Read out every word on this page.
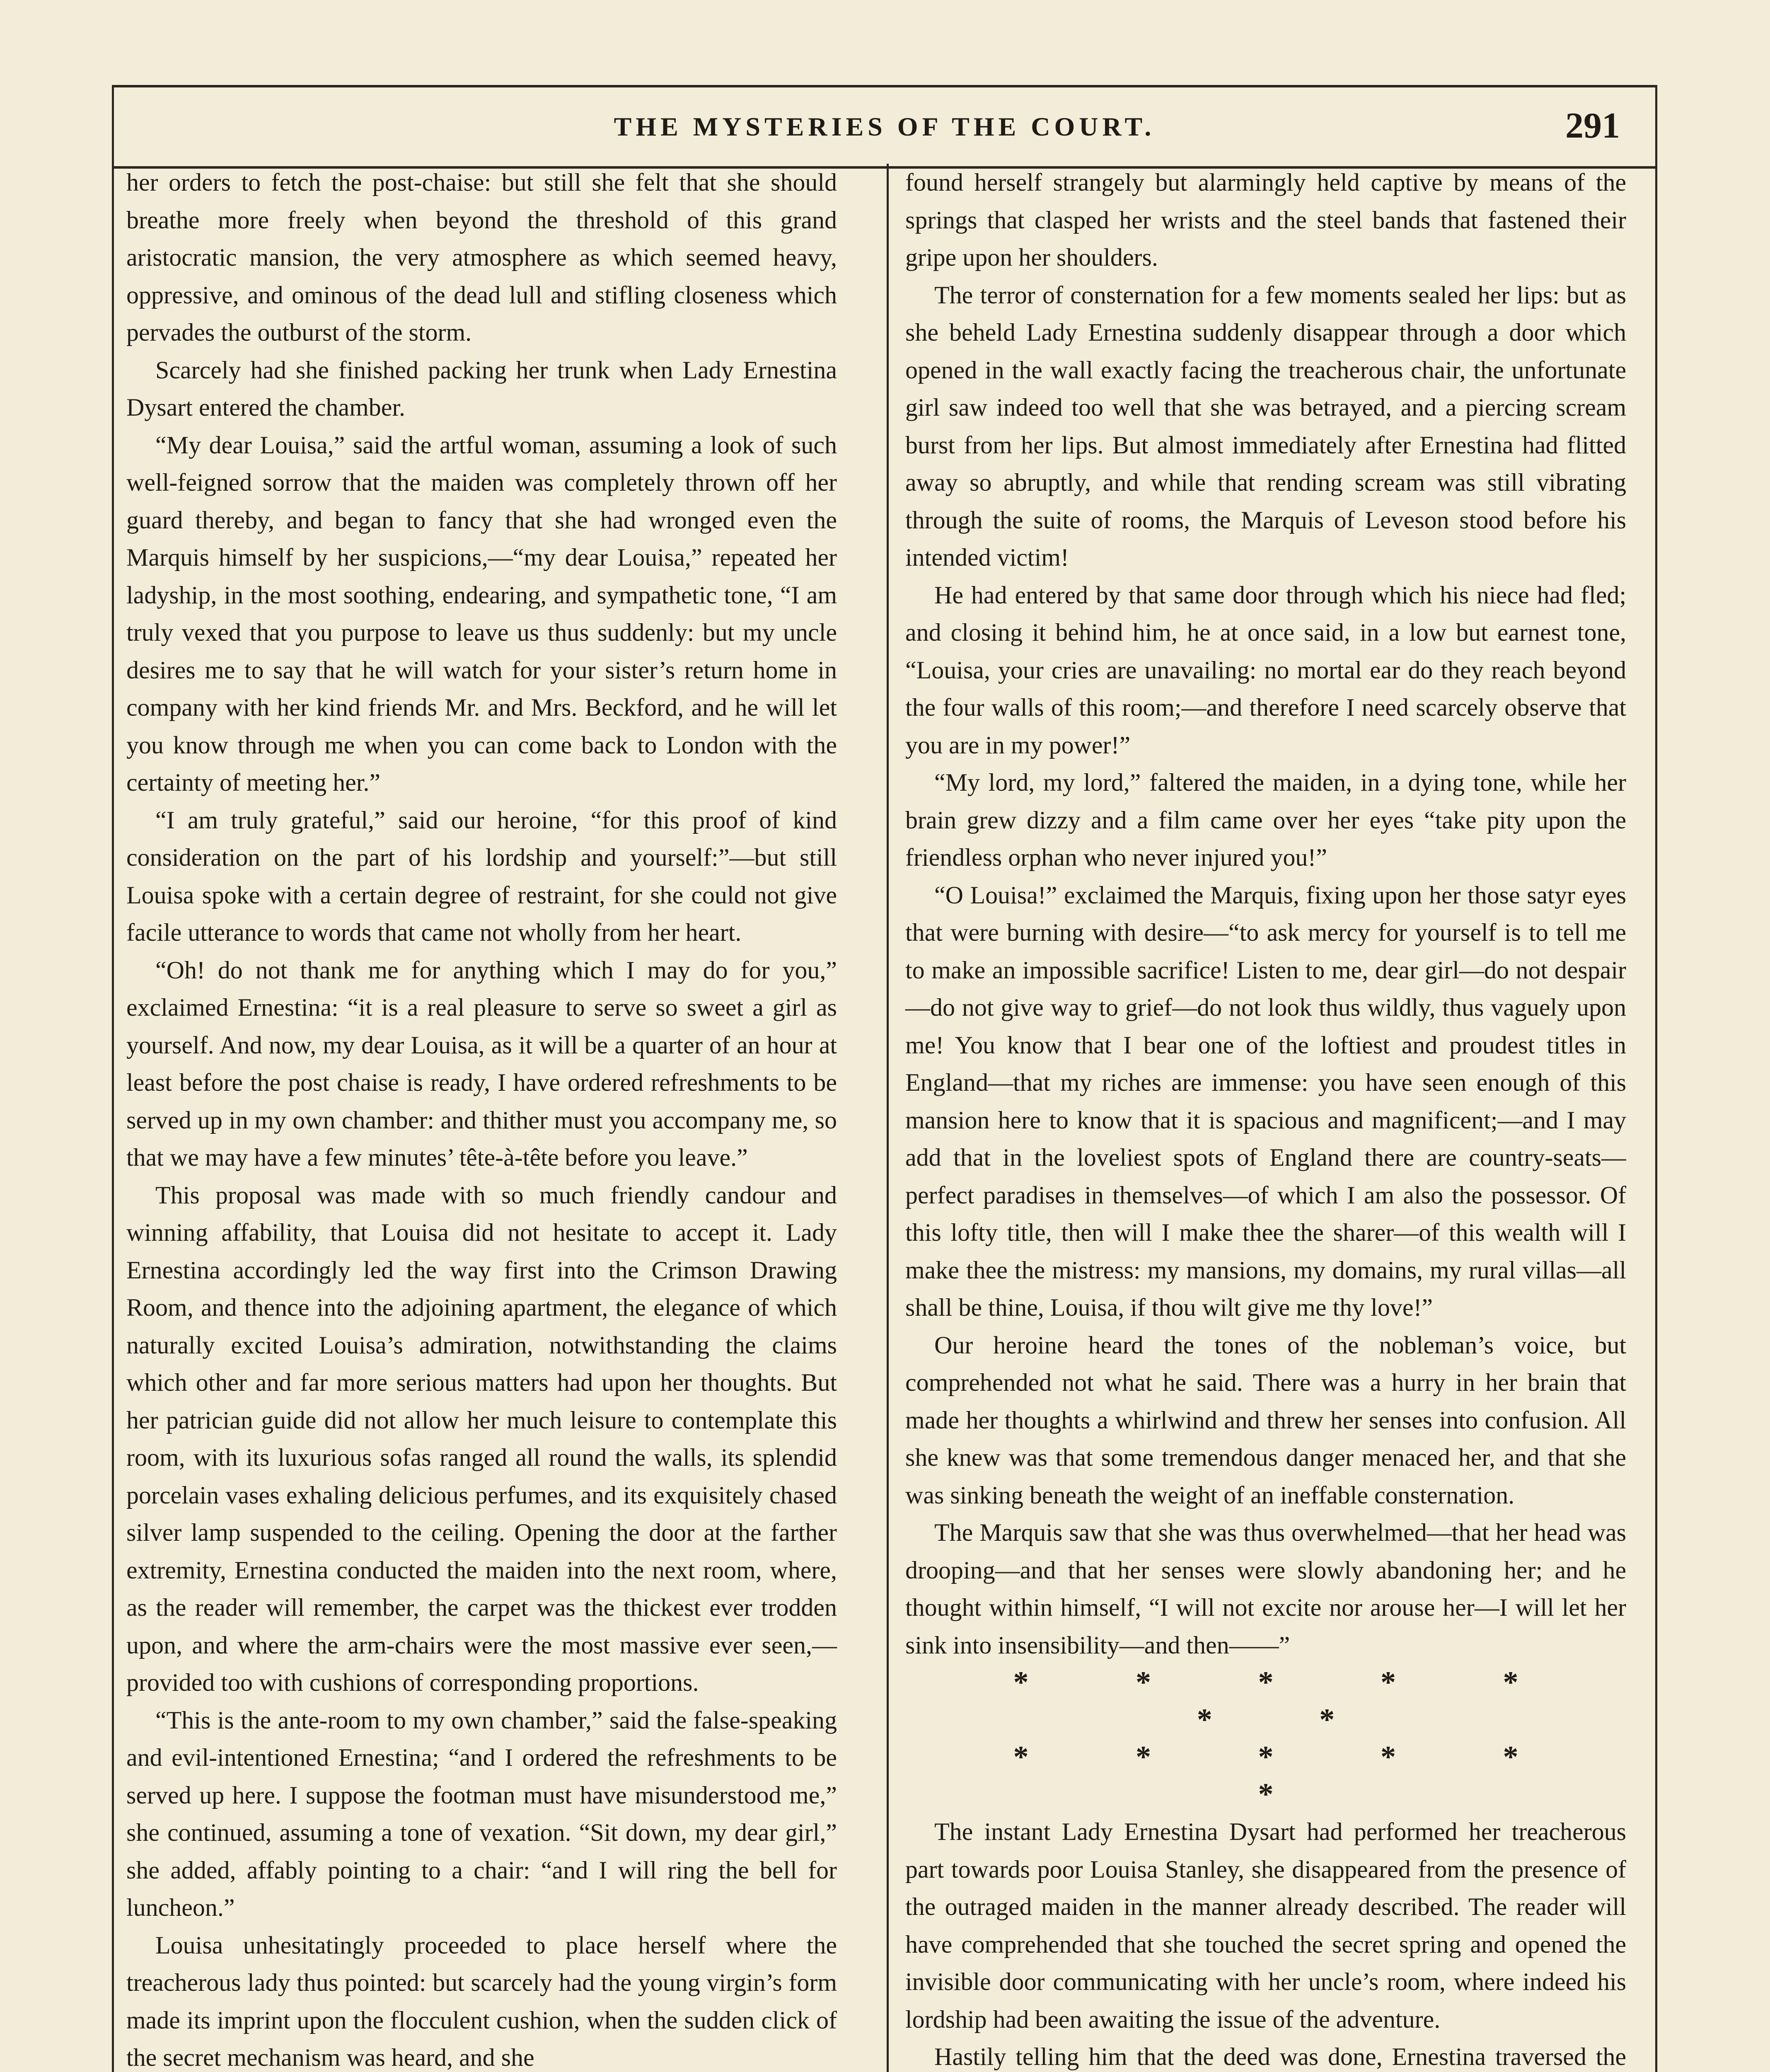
THE MYSTERIES OF THE COURT.	291
her orders to fetch the post-chaise: but still she felt that she should breathe more freely when beyond the threshold of this grand aristocratic mansion, the very atmosphere as which seemed heavy, oppressive, and ominous of the dead lull and stifling closeness which pervades the outburst of the storm.
Scarcely had she finished packing her trunk when Lady Ernestina Dysart entered the chamber.
“My dear Louisa,” said the artful woman, assuming a look of such well-feigned sorrow that the maiden was completely thrown off her guard thereby, and began to fancy that she had wronged even the Marquis himself by her suspicions,—“my dear Louisa,” repeated her ladyship, in the most soothing, endearing, and sympathetic tone, “I am truly vexed that you purpose to leave us thus suddenly: but my uncle desires me to say that he will watch for your sister’s return home in company with her kind friends Mr. and Mrs. Beckford, and he will let you know through me when you can come back to London with the certainty of meeting her.”
“I am truly grateful,” said our heroine, “for this proof of kind consideration on the part of his lordship and yourself:”—but still Louisa spoke with a certain degree of restraint, for she could not give facile utterance to words that came not wholly from her heart.
“Oh! do not thank me for anything which I may do for you,” exclaimed Ernestina: “it is a real pleasure to serve so sweet a girl as yourself. And now, my dear Louisa, as it will be a quarter of an hour at least before the post chaise is ready, I have ordered refreshments to be served up in my own chamber: and thither must you accompany me, so that we may have a few minutes’ tête-à-tête before you leave.”
This proposal was made with so much friendly candour and winning affability, that Louisa did not hesitate to accept it. Lady Ernestina accordingly led the way first into the Crimson Drawing Room, and thence into the adjoining apartment, the elegance of which naturally excited Louisa’s admiration, notwithstanding the claims which other and far more serious matters had upon her thoughts. But her patrician guide did not allow her much leisure to contemplate this room, with its luxurious sofas ranged all round the walls, its splendid porcelain vases exhaling delicious perfumes, and its exquisitely chased silver lamp suspended to the ceiling. Opening the door at the farther extremity, Ernestina conducted the maiden into the next room, where, as the reader will remember, the carpet was the thickest ever trodden upon, and where the arm-chairs were the most massive ever seen,—provided too with cushions of corresponding proportions.
“This is the ante-room to my own chamber,” said the false-speaking and evil-intentioned Ernestina; “and I ordered the refreshments to be served up here. I suppose the footman must have misunderstood me,” she continued, assuming a tone of vexation. “Sit down, my dear girl,” she added, affably pointing to a chair: “and I will ring the bell for luncheon.”
Louisa unhesitatingly proceeded to place herself where the treacherous lady thus pointed: but scarcely had the young virgin’s form made its imprint upon the flocculent cushion, when the sudden click of the secret mechanism was heard, and she
found herself strangely but alarmingly held captive by means of the springs that clasped her wrists and the steel bands that fastened their gripe upon her shoulders.
The terror of consternation for a few moments sealed her lips: but as she beheld Lady Ernestina suddenly disappear through a door which opened in the wall exactly facing the treacherous chair, the unfortunate girl saw indeed too well that she was betrayed, and a piercing scream burst from her lips. But almost immediately after Ernestina had flitted away so abruptly, and while that rending scream was still vibrating through the suite of rooms, the Marquis of Leveson stood before his intended victim!
He had entered by that same door through which his niece had fled; and closing it behind him, he at once said, in a low but earnest tone, “Louisa, your cries are unavailing: no mortal ear do they reach beyond the four walls of this room;—and therefore I need scarcely observe that you are in my power!”
“My lord, my lord,” faltered the maiden, in a dying tone, while her brain grew dizzy and a film came over her eyes “take pity upon the friendless orphan who never injured you!”
“O Louisa!” exclaimed the Marquis, fixing upon her those satyr eyes that were burning with desire—“to ask mercy for yourself is to tell me to make an impossible sacrifice! Listen to me, dear girl—do not despair—do not give way to grief—do not look thus wildly, thus vaguely upon me! You know that I bear one of the loftiest and proudest titles in England—that my riches are immense: you have seen enough of this mansion here to know that it is spacious and magnificent;—and I may add that in the loveliest spots of England there are country-seats—perfect paradises in themselves—of which I am also the possessor. Of this lofty title, then will I make thee the sharer—of this wealth will I make thee the mistress: my mansions, my domains, my rural villas—all shall be thine, Louisa, if thou wilt give me thy love!”
Our heroine heard the tones of the nobleman’s voice, but comprehended not what he said. There was a hurry in her brain that made her thoughts a whirlwind and threw her senses into confusion. All she knew was that some tremendous danger menaced her, and that she was sinking beneath the weight of an ineffable consternation.
The Marquis saw that she was thus overwhelmed—that her head was drooping—and that her senses were slowly abandoning her; and he thought within himself, “I will not excite nor arouse her—I will let her sink into insensibility—and then——”
* * * * * * *
* * * * * *
The instant Lady Ernestina Dysart had performed her treacherous part towards poor Louisa Stanley, she disappeared from the presence of the outraged maiden in the manner already described. The reader will have comprehended that she touched the secret spring and opened the invisible door communicating with her uncle’s room, where indeed his lordship had been awaiting the issue of the adventure.
Hastily telling him that the deed was done, Ernestina traversed the
